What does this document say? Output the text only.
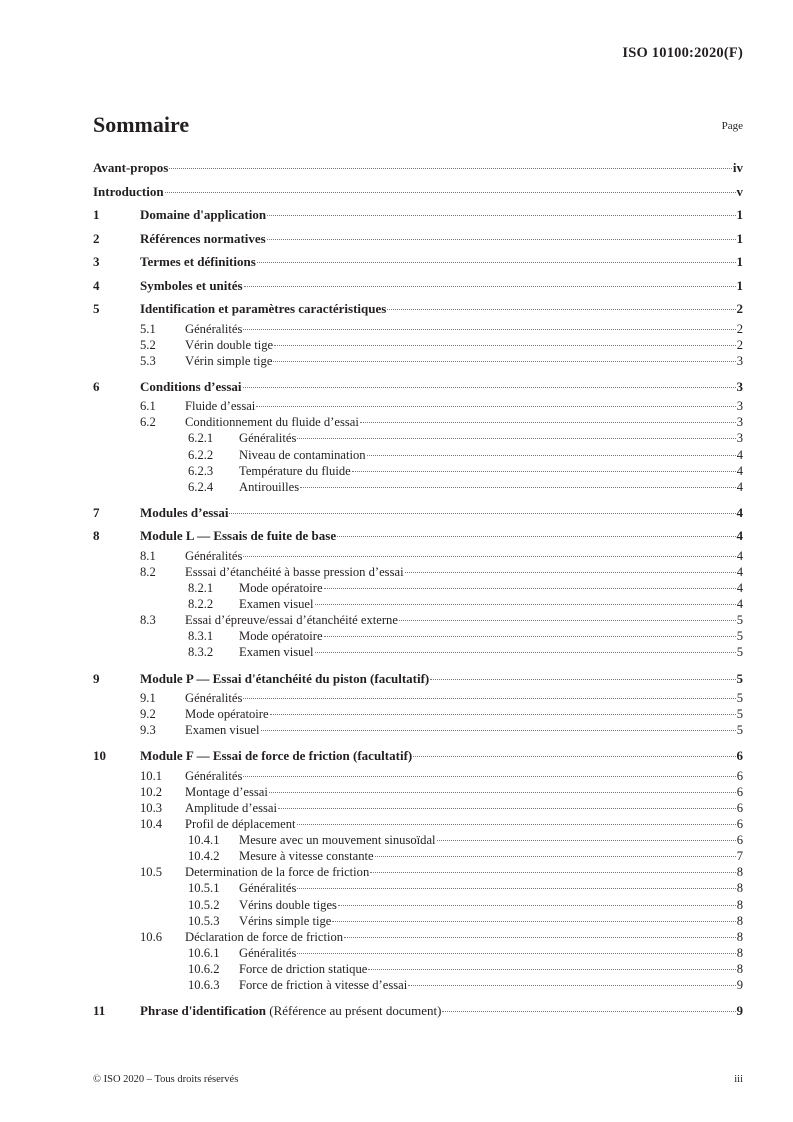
ISO 10100:2020(F)
Sommaire	Page
Avant-propos	iv
Introduction	v
1	Domaine d'application	1
2	Références normatives	1
3	Termes et définitions	1
4	Symboles et unités	1
5	Identification et paramètres caractéristiques	2
5.1	Généralités	2
5.2	Vérin double tige	2
5.3	Vérin simple tige	3
6	Conditions d’essai	3
6.1	Fluide d’essai	3
6.2	Conditionnement du fluide d’essai	3
6.2.1	Généralités	3
6.2.2	Niveau de contamination	4
6.2.3	Température du fluide	4
6.2.4	Antirouilles	4
7	Modules d’essai	4
8	Module L — Essais de fuite de base	4
8.1	Généralités	4
8.2	Esssai d’étanchéité à basse pression d’essai	4
8.2.1	Mode opératoire	4
8.2.2	Examen visuel	4
8.3	Essai d’épreuve/essai d’étanchéité externe	5
8.3.1	Mode opératoire	5
8.3.2	Examen visuel	5
9	Module P — Essai d'étanchéité du piston (facultatif)	5
9.1	Généralités	5
9.2	Mode opératoire	5
9.3	Examen visuel	5
10	Module F — Essai de force de friction (facultatif)	6
10.1	Généralités	6
10.2	Montage d’essai	6
10.3	Amplitude d’essai	6
10.4	Profil de déplacement	6
10.4.1	Mesure avec un mouvement sinusoïdal	6
10.4.2	Mesure à vitesse constante	7
10.5	Determination de la force de friction	8
10.5.1	Généralités	8
10.5.2	Vérins double tiges	8
10.5.3	Vérins simple tige	8
10.6	Déclaration de force de friction	8
10.6.1	Généralités	8
10.6.2	Force de driction statique	8
10.6.3	Force de friction à vitesse d’essai	9
11	Phrase d'identification (Référence au présent document)	9
© ISO 2020 – Tous droits réservés	iii
